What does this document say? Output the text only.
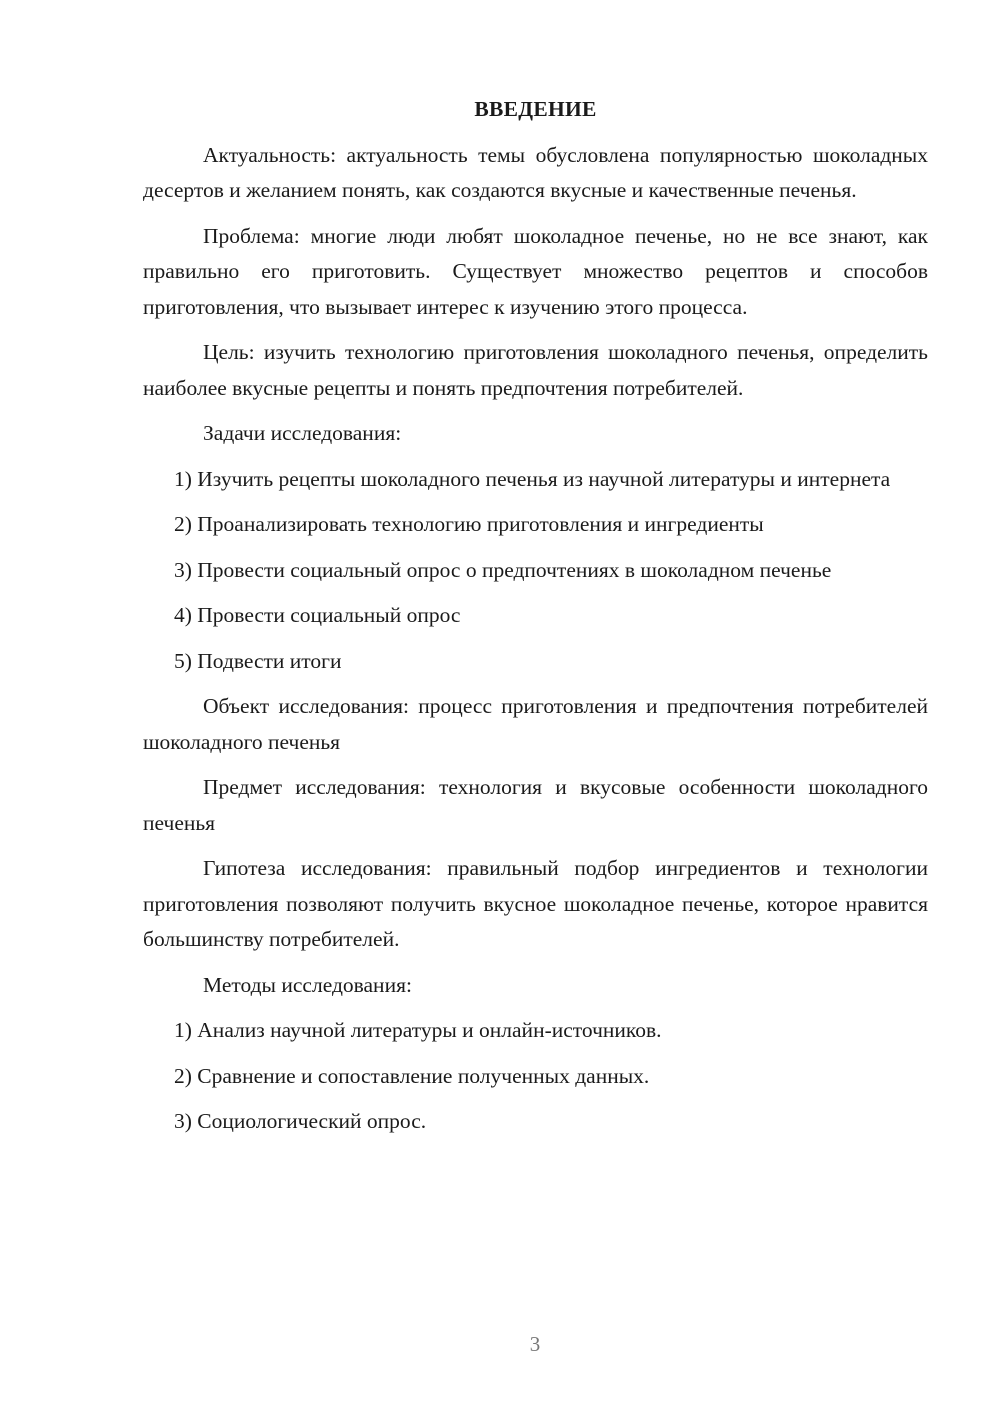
ВВЕДЕНИЕ
Актуальность: актуальность темы обусловлена популярностью шоколадных десертов и желанием понять, как создаются вкусные и качественные печенья.
Проблема: многие люди любят шоколадное печенье, но не все знают, как правильно его приготовить. Существует множество рецептов и способов приготовления, что вызывает интерес к изучению этого процесса.
Цель: изучить технологию приготовления шоколадного печенья, определить наиболее вкусные рецепты и понять предпочтения потребителей.
Задачи исследования:
1) Изучить рецепты шоколадного печенья из научной литературы и интернета
2) Проанализировать технологию приготовления и ингредиенты
3) Провести социальный опрос о предпочтениях в шоколадном печенье
4) Провести социальный опрос
5) Подвести итоги
Объект исследования: процесс приготовления и предпочтения потребителей шоколадного печенья
Предмет исследования: технология и вкусовые особенности шоколадного печенья
Гипотеза исследования: правильный подбор ингредиентов и технологии приготовления позволяют получить вкусное шоколадное печенье, которое нравится большинству потребителей.
Методы исследования:
1) Анализ научной литературы и онлайн-источников.
2) Сравнение и сопоставление полученных данных.
3) Социологический опрос.
3
